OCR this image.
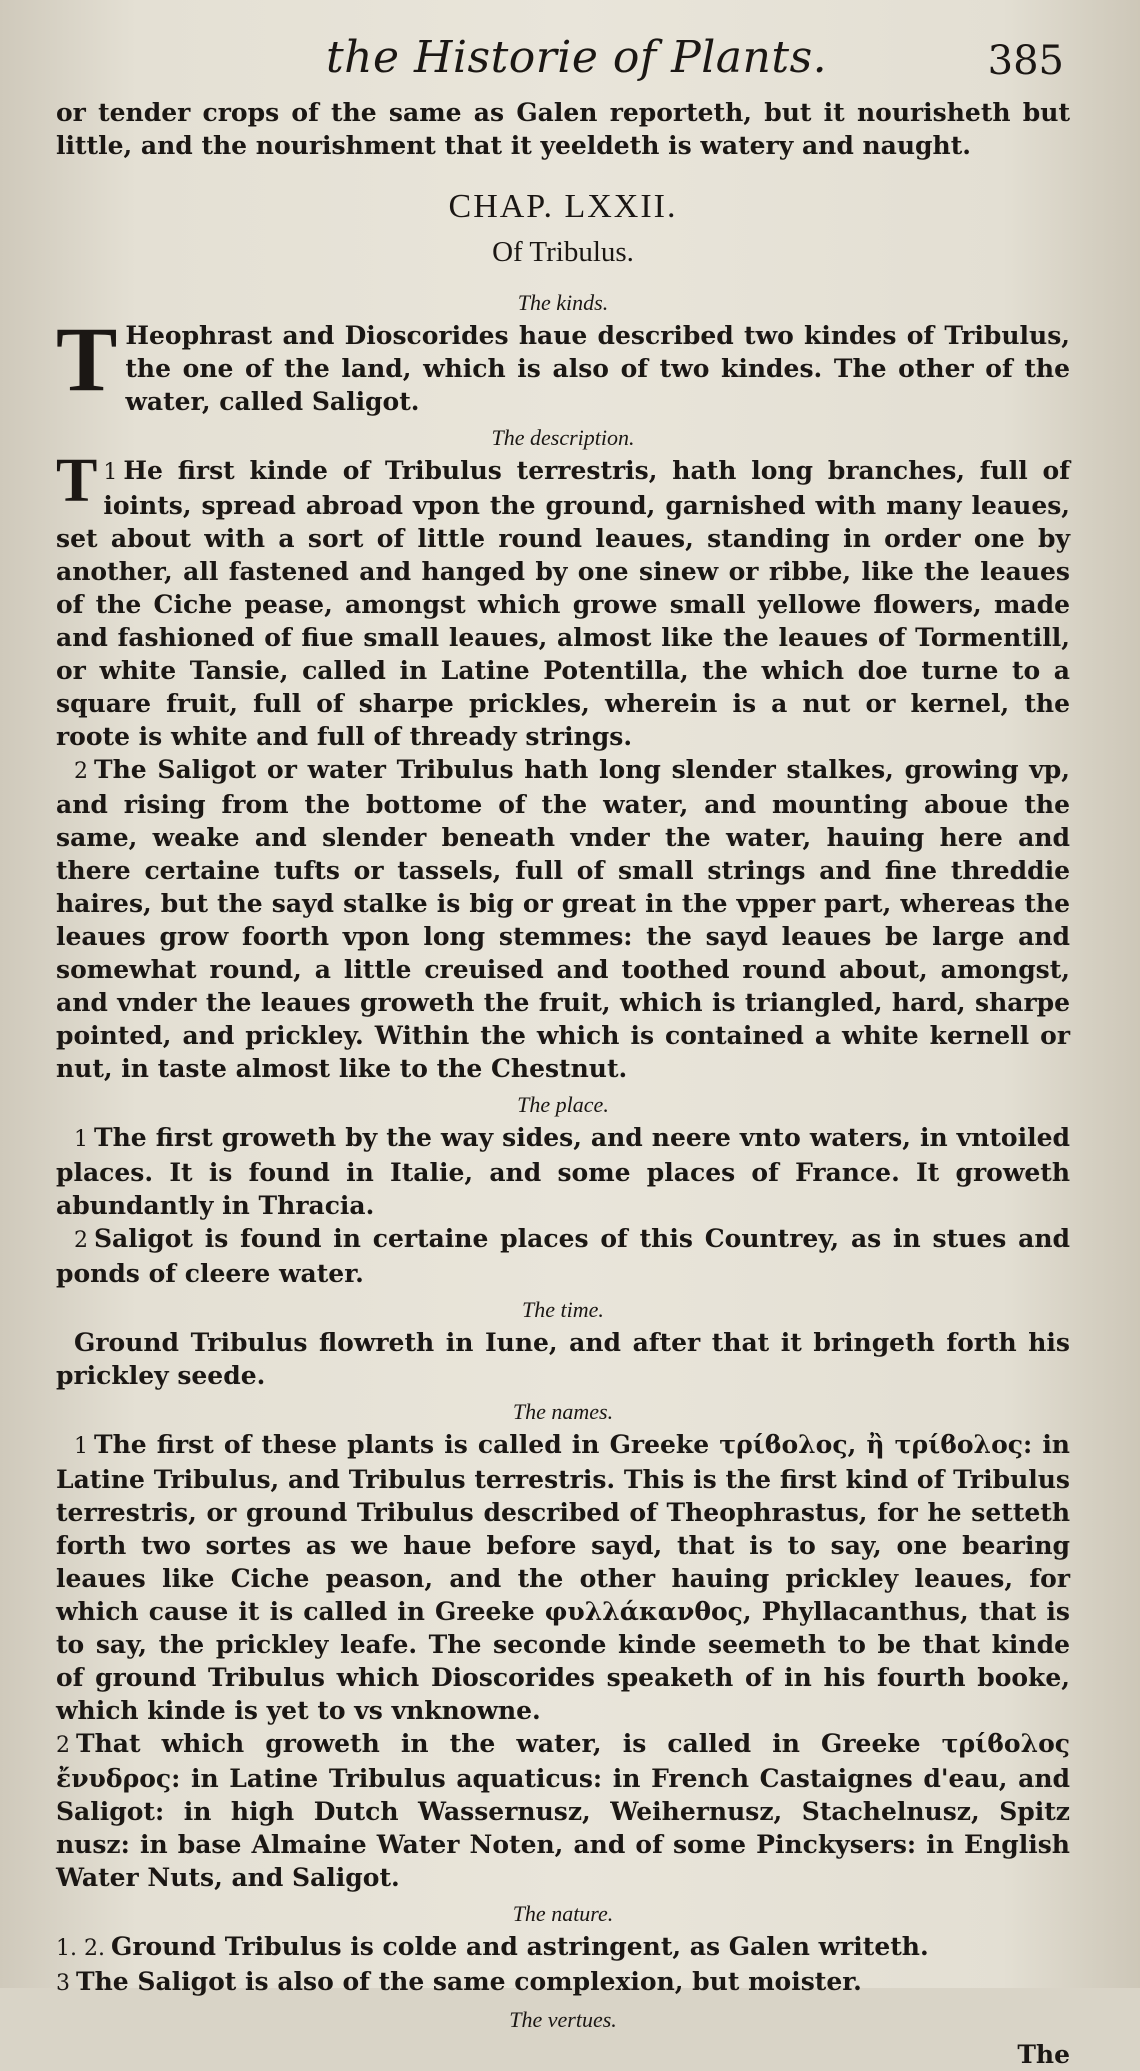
the Historie of Plants.	385

or tender crops of the same as Galen reporteth, but it nourisheth but little, and the nourishment that it yeeldeth is watery and naught.

CHAP. LXXII.
Of Tribulus.
The kinds.

T Heophrast and Dioscorides haue described two kindes of Tribulus, the one of the land, which is also of two kindes. The other of the water, called Saligot.

The description.

1
T He first kinde of Tribulus terrestris, hath long branches, full of ioints, spread abroad vpon the ground, garnished with many leaues, set about with a sort of little round leaues, standing in order one by another, all fastened and hanged by one sinew or ribbe, like the leaues of the Ciche pease, amongst which growe small yellowe flowers, made and fashioned of fiue small leaues, almost like the leaues of Tormentill, or white Tansie, called in Latine Potentilla, the which doe turne to a square fruit, full of sharpe prickles, wherein is a nut or kernel, the roote is white and full of thready strings.

2 The Saligot or water Tribulus hath long slender stalkes, growing vp, and rising from the bottome of the water, and mounting aboue the same, weake and slender beneath vnder the water, hauing here and there certaine tufts or tassels, full of small strings and fine threddie haires, but the sayd stalke is big or great in the vpper part, whereas the leaues grow foorth vpon long stemmes: the sayd leaues be large and somewhat round, a little creuised and toothed round about, amongst, and vnder the leaues groweth the fruit, which is triangled, hard, sharpe pointed, and prickley. Within the which is contained a white kernell or nut, in taste almost like to the Chestnut.

The place.

1 The first groweth by the way sides, and neere vnto waters, in vntoiled places. It is found in Italie, and some places of France. It groweth abundantly in Thracia.

2 Saligot is found in certaine places of this Countrey, as in stues and ponds of cleere water.

The time.

Ground Tribulus flowreth in Iune, and after that it bringeth forth his prickley seede.

The names.

1 The first of these plants is called in Greeke τρίϐολος, ἢ τρίϐολος: in Latine Tribulus, and Tribulus terrestris. This is the first kind of Tribulus terrestris, or ground Tribulus described of Theophrastus, for he setteth forth two sortes as we haue before sayd, that is to say, one bearing leaues like Ciche peason, and the other hauing prickley leaues, for which cause it is called in Greeke φυλλάκανθος, Phyllacanthus, that is to say, the prickley leafe. The seconde kinde seemeth to be that kinde of ground Tribulus which Dioscorides speaketh of in his fourth booke, which kinde is yet to vs vnknowne.

2 That which groweth in the water, is called in Greeke τρίϐολος ἔνυδρος: in Latine Tribulus aquaticus: in French Castaignes d'eau, and Saligot: in high Dutch Wassernusz, Weihernusz, Stachelnusz, Spitz nusz: in base Almaine Water Noten, and of some Pinckysers: in English Water Nuts, and Saligot.

The nature.

1. 2. Ground Tribulus is colde and astringent, as Galen writeth.

3 The Saligot is also of the same complexion, but moister.

The vertues.
The
